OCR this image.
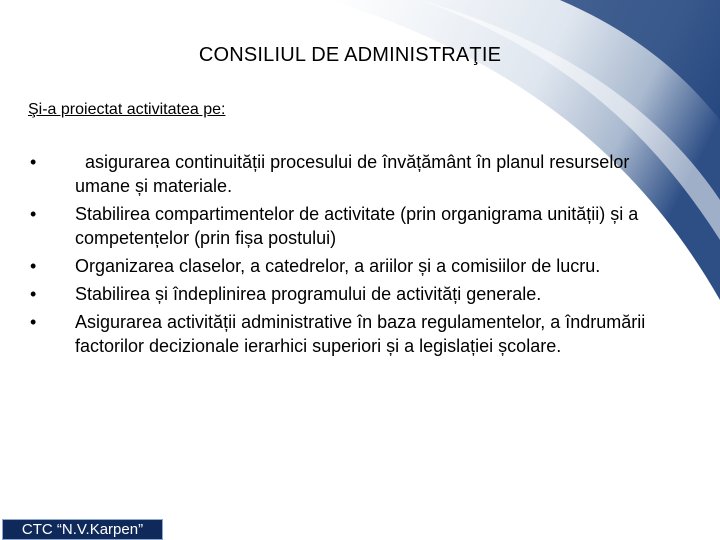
CONSILIUL DE ADMINISTRAŢIE
Şi-a proiectat activitatea pe:
•	asigurarea continuității procesului de învățământ în planul resurselor umane și materiale.
•	Stabilirea compartimentelor de activitate (prin organigrama unității) și a competențelor (prin fișa postului)
•	Organizarea claselor, a catedrelor, a ariilor și a comisiilor de lucru.
•	Stabilirea și îndeplinirea programului de activități generale.
•	Asigurarea activității administrative în baza regulamentelor, a îndrumării factorilor decizionale ierarhici superiori și a legislației școlare.
CTC “N.V.Karpen”
